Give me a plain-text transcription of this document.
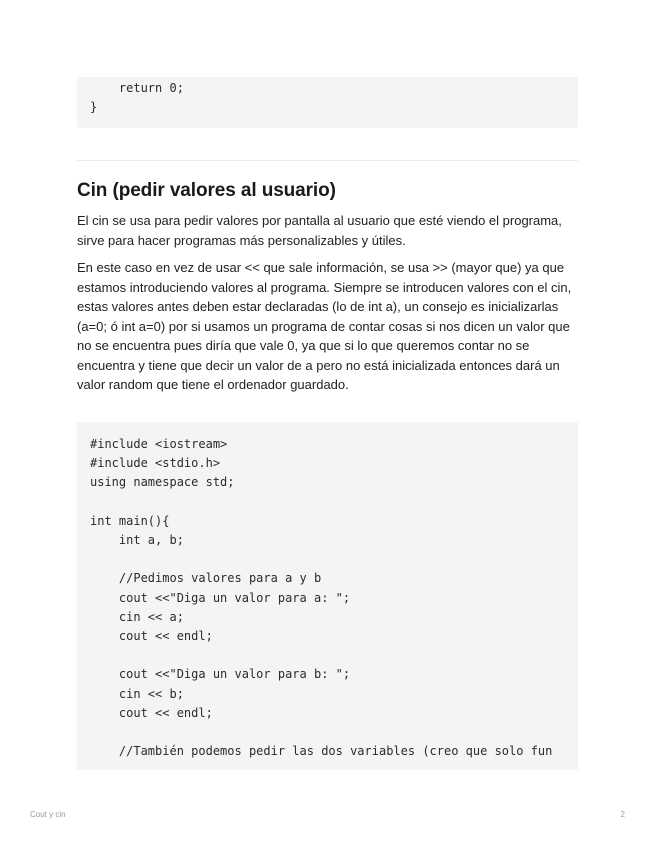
return 0;
}
Cin (pedir valores al usuario)

El cin se usa para pedir valores por pantalla al usuario que esté viendo el programa, sirve para hacer programas más personalizables y útiles.

En este caso en vez de usar << que sale información, se usa >> (mayor que) ya que estamos introduciendo valores al programa. Siempre se introducen valores con el cin, estas valores antes deben estar declaradas (lo de int a), un consejo es inicializarlas (a=0; ó int a=0) por si usamos un programa de contar cosas si nos dicen un valor que no se encuentra pues diría que vale 0, ya que si lo que queremos contar no se encuentra y tiene que decir un valor de a pero no está inicializada entonces dará un valor random que tiene el ordenador guardado.

#include <iostream>
#include <stdio.h>
using namespace std;

int main(){
int a, b;

//Pedimos valores para a y b
cout <<"Diga un valor para a: ";
cin << a;
cout << endl;

cout <<"Diga un valor para b: ";
cin << b;
cout << endl;

//También podemos pedir las dos variables (creo que solo fun
Cout y cin	2
